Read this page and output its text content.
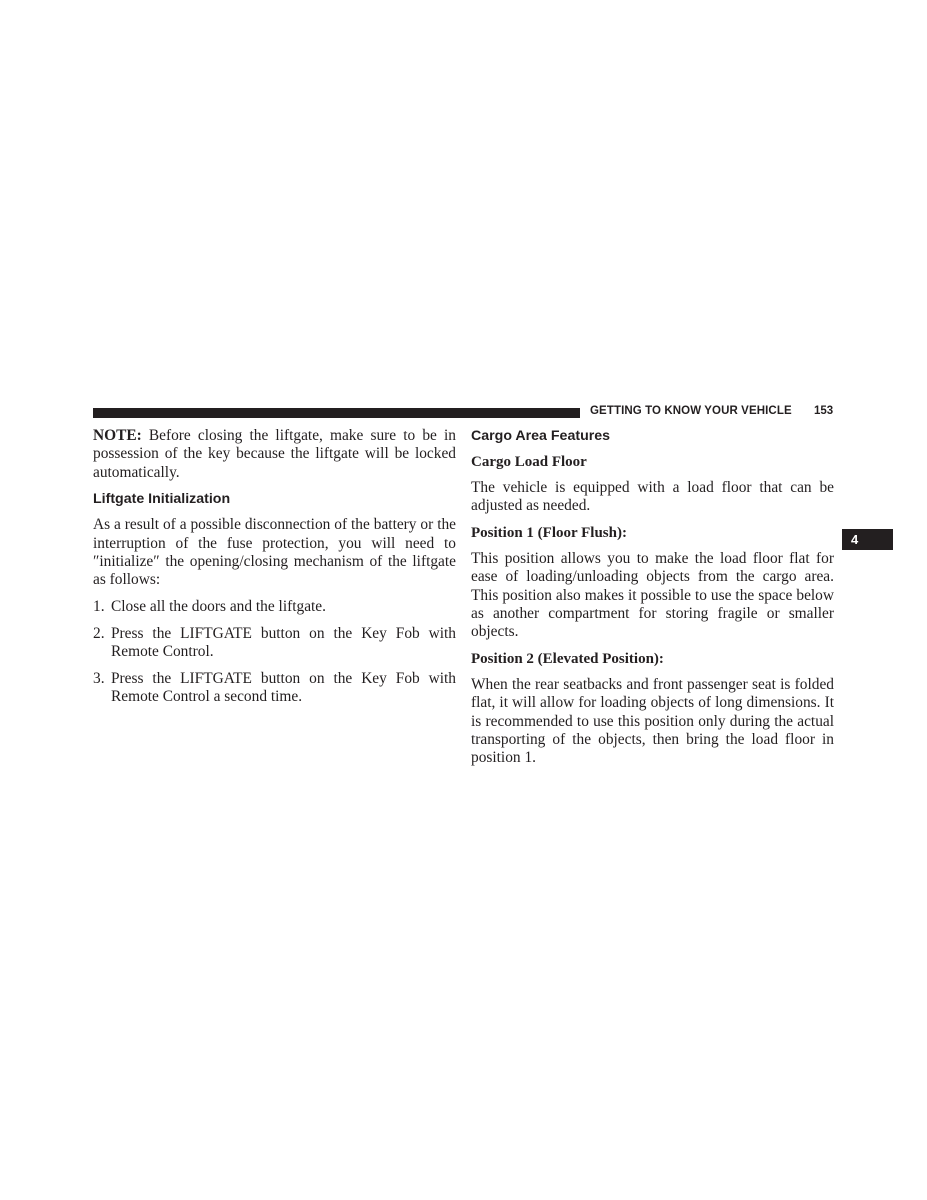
GETTING TO KNOW YOUR VEHICLE 153
4

NOTE: Before closing the liftgate, make sure to be in possession of the key because the liftgate will be locked automatically.

Liftgate Initialization

As a result of a possible disconnection of the battery or the interruption of the fuse protection, you will need to ″initialize″ the opening/closing mechanism of the liftgate as follows:

1. Close all the doors and the liftgate.
2. Press the LIFTGATE button on the Key Fob with Remote Control.
3. Press the LIFTGATE button on the Key Fob with Remote Control a second time.
Cargo Area Features
Cargo Load Floor

The vehicle is equipped with a load floor that can be adjusted as needed.

Position 1 (Floor Flush):

This position allows you to make the load floor flat for ease of loading/unloading objects from the cargo area. This position also makes it possible to use the space below as another compartment for storing fragile or smaller objects.

Position 2 (Elevated Position):

When the rear seatbacks and front passenger seat is folded flat, it will allow for loading objects of long dimensions. It is recommended to use this position only during the actual transporting of the objects, then bring the load floor in position 1.
